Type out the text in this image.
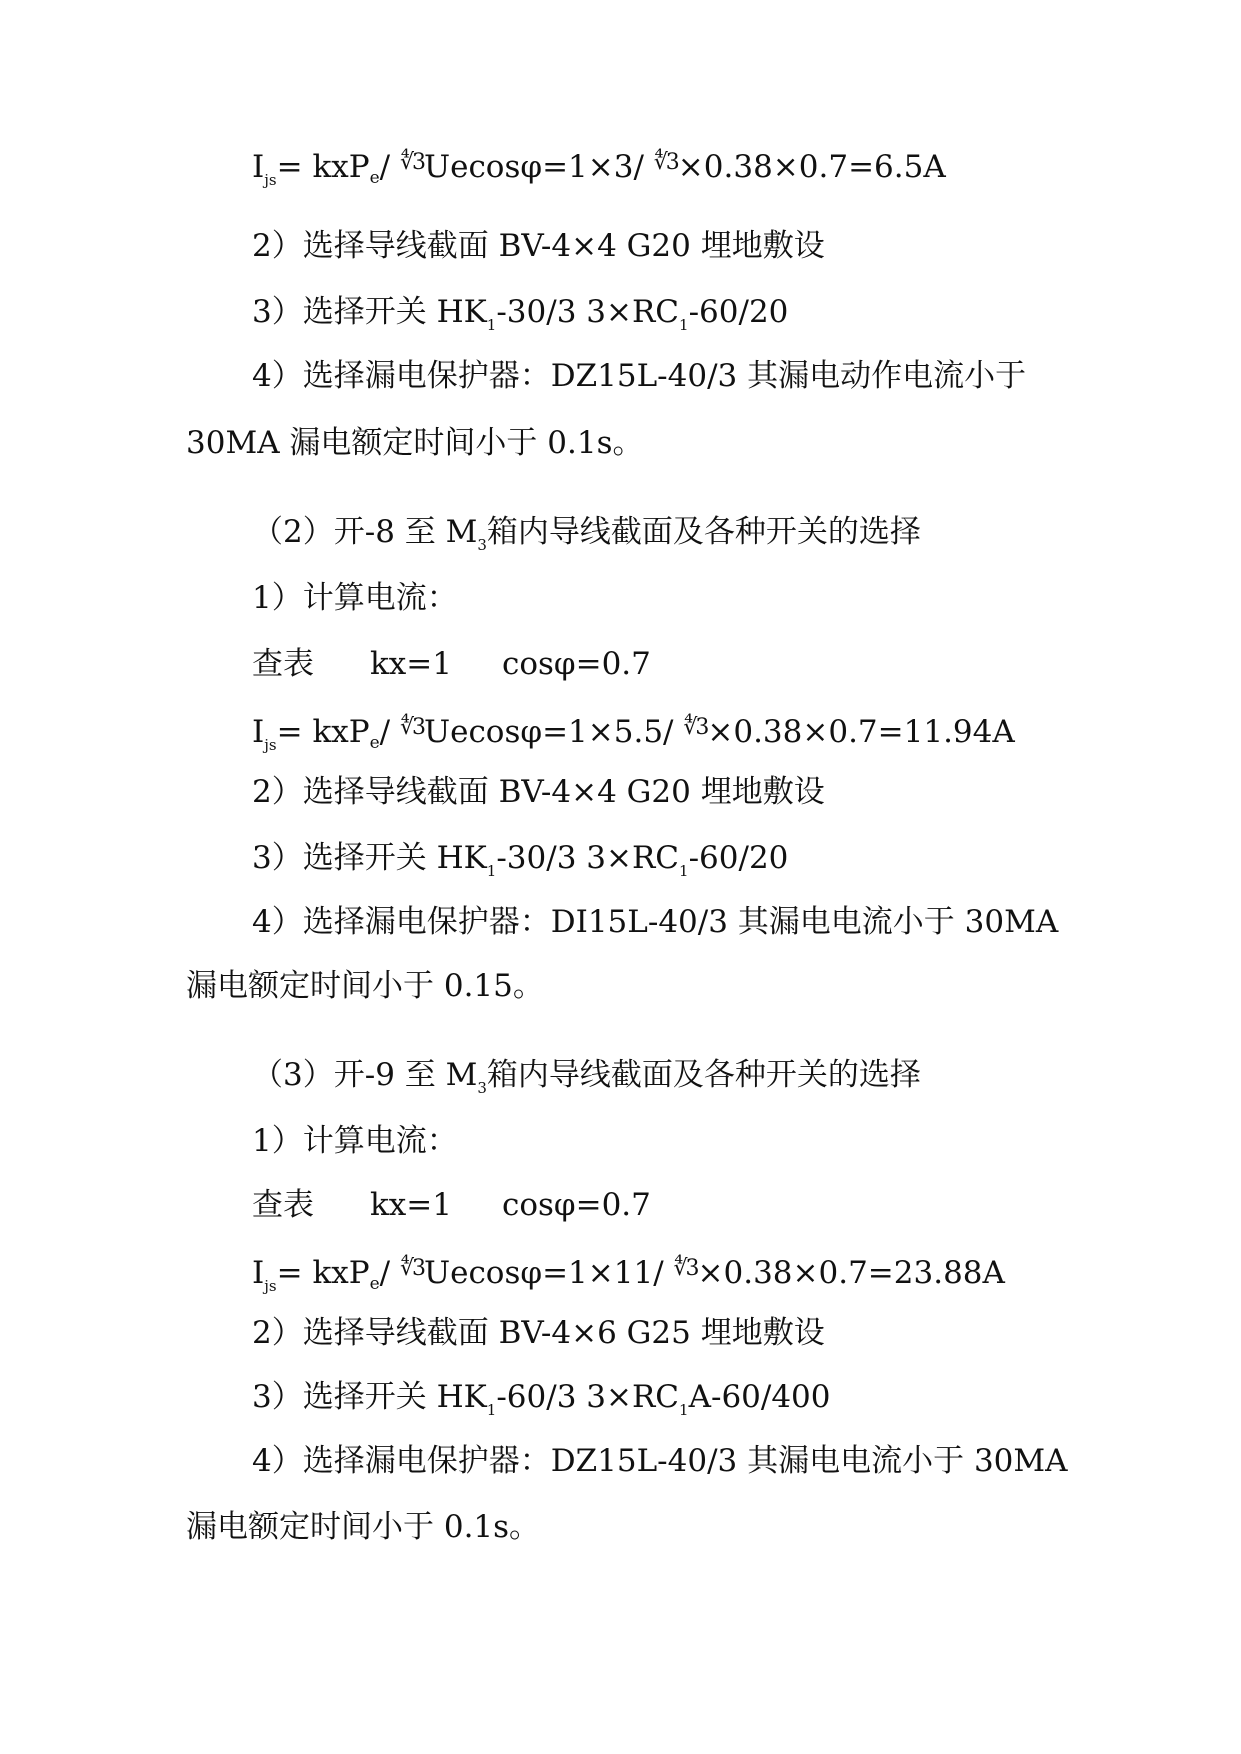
$I_{js}=$ kxPe/ ∜3Uecosφ=1×3/ ∜3×0.38×0.7=6.5A
2）选择导线截面 BV-4×4 G20 埋地敷设
3）选择开关 $HK_1-30/3$ $3\times RC_1-60/20$
4）选择漏电保护器：DZ15L-40/3 其漏电动作电流小于
30MA 漏电额定时间小于 0.1s。
（2）开-8 至 $M_3$箱内导线截面及各种开关的选择
1）计算电流：
查表 kx=1 cosφ=0.7
$I_{js}=$ kxPe/ ∜3Uecosφ=1×5.5/ ∜3×0.38×0.7=11.94A
2）选择导线截面 BV-4×4 G20 埋地敷设
3）选择开关 $HK_1-30/3$ $3\times RC_1-60/20$
4）选择漏电保护器：DI15L-40/3 其漏电电流小于 30MA
漏电额定时间小于 0.15。
（3）开-9 至 $M_3$箱内导线截面及各种开关的选择
1）计算电流：
查表 kx=1 cosφ=0.7
$I_{js}=$ kxPe/ ∜3Uecosφ=1×11/ ∜3×0.38×0.7=23.88A
2）选择导线截面 BV-4×6 G25 埋地敷设
3）选择开关 $HK_1-60/3$ $3\times RC_1A-60/400$
4）选择漏电保护器：DZ15L-40/3 其漏电电流小于 30MA
漏电额定时间小于 0.1s。
